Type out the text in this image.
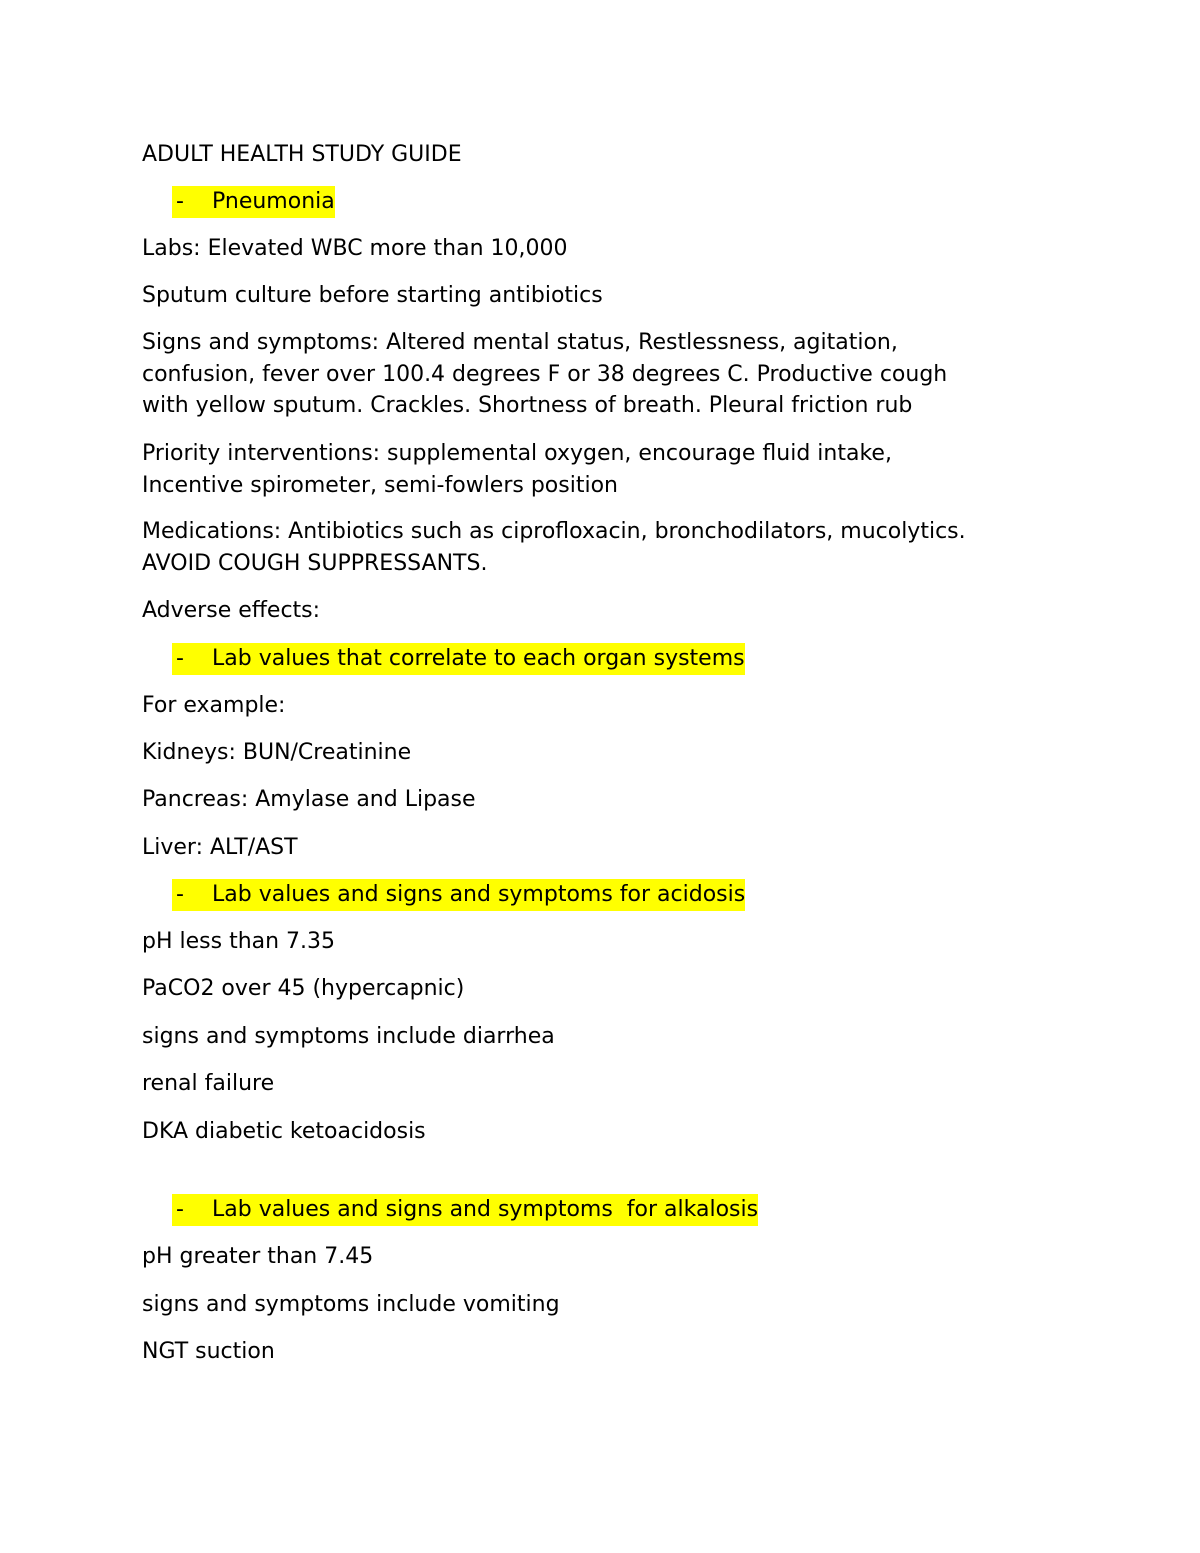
ADULT HEALTH STUDY GUIDE
- Pneumonia
Labs: Elevated WBC more than 10,000
Sputum culture before starting antibiotics
Signs and symptoms: Altered mental status, Restlessness, agitation,
confusion, fever over 100.4 degrees F or 38 degrees C. Productive cough
with yellow sputum. Crackles. Shortness of breath. Pleural friction rub
Priority interventions: supplemental oxygen, encourage fluid intake,
Incentive spirometer, semi-fowlers position
Medications: Antibiotics such as ciprofloxacin, bronchodilators, mucolytics.
AVOID COUGH SUPPRESSANTS.
Adverse effects:
- Lab values that correlate to each organ systems
For example:
Kidneys: BUN/Creatinine
Pancreas: Amylase and Lipase
Liver: ALT/AST
- Lab values and signs and symptoms for acidosis
pH less than 7.35
PaCO2 over 45 (hypercapnic)
signs and symptoms include diarrhea
renal failure
DKA diabetic ketoacidosis
- Lab values and signs and symptoms  for alkalosis
pH greater than 7.45
signs and symptoms include vomiting
NGT suction
